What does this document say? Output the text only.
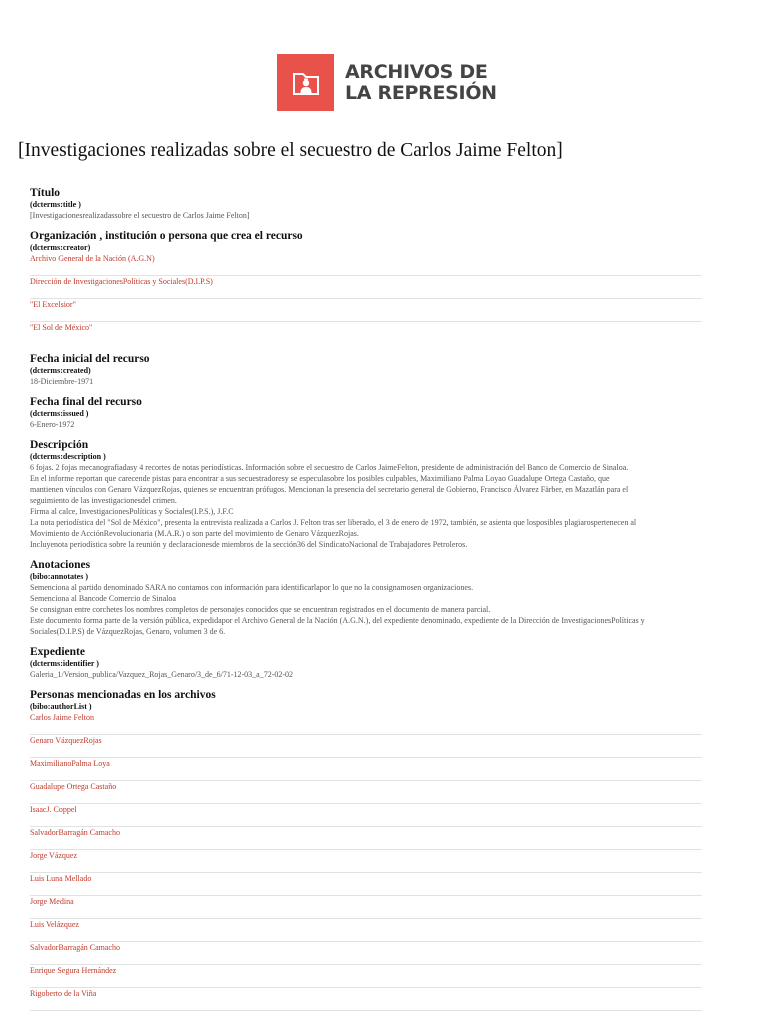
ARCHIVOS DE
LA REPRESIÓN
[Investigaciones realizadas sobre el secuestro de Carlos Jaime Felton]
Título
(dcterms:title )
[Investigacionesrealizadassobre el secuestro de Carlos Jaime Felton]
Organización , institución o persona que crea el recurso
(dcterms:creator)
Archivo General de la Nación (A.G.N)
Dirección de InvestigacionesPolíticas y Sociales(D.I.P.S)
"El Excelsior"
"El Sol de México"
Fecha inicial del recurso
(dcterms:created)
18-Diciembre-1971
Fecha final del recurso
(dcterms:issued )
6-Enero-1972
Descripción
(dcterms:description )

6 fojas. 2 fojas mecanografiadasy 4 recortes de notas periodísticas. Información sobre el secuestro de Carlos JaimeFelton, presidente de administración del Banco de Comercio de Sinaloa.

En el informe reportan que carecende pistas para encontrar a sus secuestradoresy se especulasobre los posibles culpables, Maximiliano Palma Loyao Guadalupe Ortega Castaño, que

mantienen vínculos con Genaro VázquezRojas, quienes se encuentran prófugos. Mencionan la presencia del secretario general de Gobierno, Francisco Álvarez Färber, en Mazatlán para el

seguimiento de las investigacionesdel crimen.

Firma al calce, InvestigacionesPolíticas y Sociales(I.P.S.), J.F.C

La nota periodística del "Sol de México", presenta la entrevista realizada a Carlos J. Felton tras ser liberado, el 3 de enero de 1972, también, se asienta que losposibles plagiarospertenecen al

Movimiento de AcciónRevolucionaria (M.A.R.) o son parte del movimiento de Genaro VázquezRojas.

Incluyenota periodística sobre la reunión y declaracionesde miembros de la sección36 del SindicatoNacional de Trabajadores Petroleros.

Anotaciones
(bibo:annotates )

Semenciona al partido denominado SARA no contamos con información para identificarlapor lo que no la consignamosen organizaciones.

Semenciona al Bancode Comercio de Sinaloa

Se consignan entre corchetes los nombres completos de personajes conocidos que se encuentran registrados en el documento de manera parcial.

Este documento forma parte de la versión pública, expedidapor el Archivo General de la Nación (A.G.N.), del expediente denominado, expediente de la Dirección de InvestigacionesPolíticas y

Sociales(D.I.P.S) de VázquezRojas, Genaro, volumen 3 de 6.

Expediente
(dcterms:identifier )
Galeria_1/Version_publica/Vazquez_Rojas_Genaro/3_de_6/71-12-03_a_72-02-02
Personas mencionadas en los archivos
(bibo:authorList )
Carlos Jaime Felton
Genaro VázquezRojas
MaximilianoPalma Loya
Guadalupe Ortega Castaño
IsaacJ. Coppel
SalvadorBarragán Camacho
Jorge Vázquez
Luis Luna Mellado
Jorge Medina
Luis Velázquez
SalvadorBarragán Camacho
Enrique Segura Hernández
Rigoberto de la Viña
